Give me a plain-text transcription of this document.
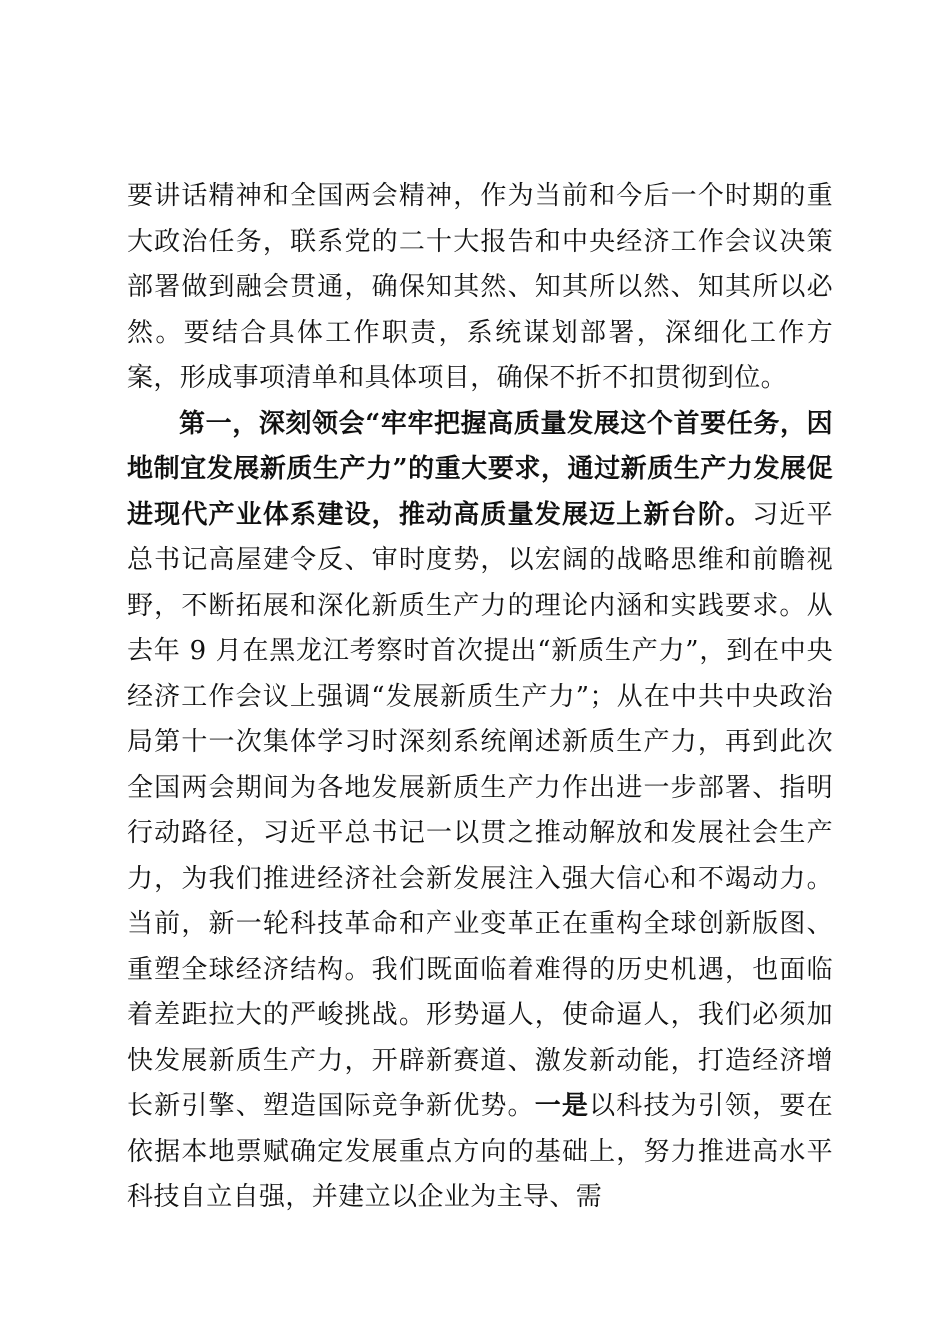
要讲话精神和全国两会精神，作为当前和今后一个时期的重大政治任务，联系党的二十大报告和中央经济工作会议决策部署做到融会贯通，确保知其然、知其所以然、知其所以必然。要结合具体工作职责，系统谋划部署，深细化工作方案，形成事项清单和具体项目，确保不折不扣贯彻到位。

第一，深刻领会“牢牢把握高质量发展这个首要任务，因地制宜发展新质生产力”的重大要求，通过新质生产力发展促进现代产业体系建设，推动高质量发展迈上新台阶。习近平总书记高屋建令反、审时度势，以宏阔的战略思维和前瞻视野，不断拓展和深化新质生产力的理论内涵和实践要求。从去年 9 月在黑龙江考察时首次提出“新质生产力”，到在中央经济工作会议上强调“发展新质生产力”；从在中共中央政治局第十一次集体学习时深刻系统阐述新质生产力，再到此次全国两会期间为各地发展新质生产力作出进一步部署、指明行动路径，习近平总书记一以贯之推动解放和发展社会生产力，为我们推进经济社会新发展注入强大信心和不竭动力。当前，新一轮科技革命和产业变革正在重构全球创新版图、重塑全球经济结构。我们既面临着难得的历史机遇，也面临着差距拉大的严峻挑战。形势逼人，使命逼人，我们必须加快发展新质生产力，开辟新赛道、激发新动能，打造经济增长新引擎、塑造国际竞争新优势。一是以科技为引领，要在依据本地票赋确定发展重点方向的基础上，努力推进高水平科技自立自强，并建立以企业为主导、需
